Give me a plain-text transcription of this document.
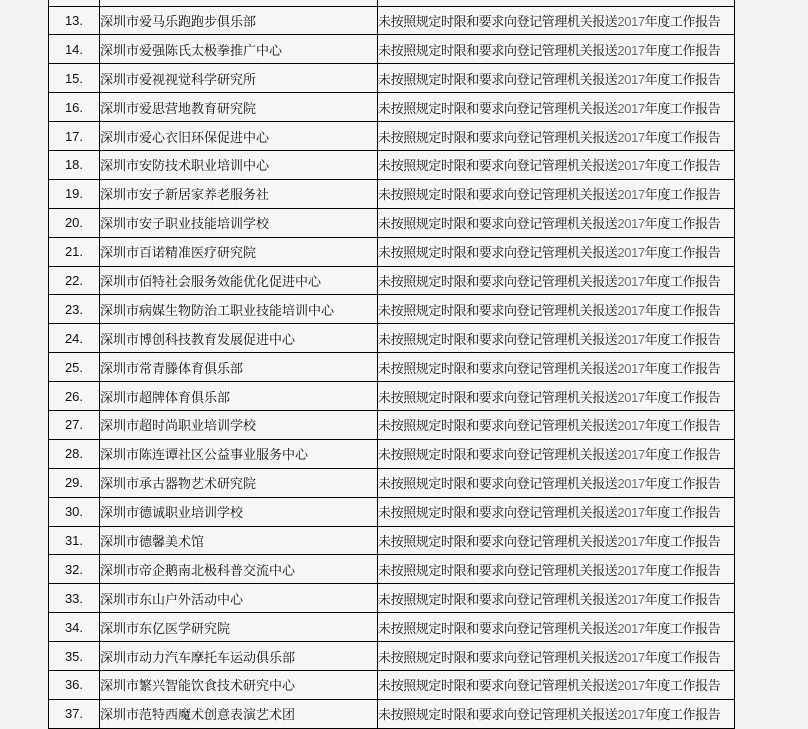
13.	深圳市爱马乐跑跑步俱乐部	未按照规定时限和要求向登记管理机关报送2017年度工作报告
14.	深圳市爱强陈氏太极拳推广中心	未按照规定时限和要求向登记管理机关报送2017年度工作报告
15.	深圳市爱视视觉科学研究所	未按照规定时限和要求向登记管理机关报送2017年度工作报告
16.	深圳市爱思营地教育研究院	未按照规定时限和要求向登记管理机关报送2017年度工作报告
17.	深圳市爱心衣旧环保促进中心	未按照规定时限和要求向登记管理机关报送2017年度工作报告
18.	深圳市安防技术职业培训中心	未按照规定时限和要求向登记管理机关报送2017年度工作报告
19.	深圳市安子新居家养老服务社	未按照规定时限和要求向登记管理机关报送2017年度工作报告
20.	深圳市安子职业技能培训学校	未按照规定时限和要求向登记管理机关报送2017年度工作报告
21.	深圳市百诺精准医疗研究院	未按照规定时限和要求向登记管理机关报送2017年度工作报告
22.	深圳市佰特社会服务效能优化促进中心	未按照规定时限和要求向登记管理机关报送2017年度工作报告
23.	深圳市病媒生物防治工职业技能培训中心	未按照规定时限和要求向登记管理机关报送2017年度工作报告
24.	深圳市博创科技教育发展促进中心	未按照规定时限和要求向登记管理机关报送2017年度工作报告
25.	深圳市常青滕体育俱乐部	未按照规定时限和要求向登记管理机关报送2017年度工作报告
26.	深圳市超牌体育俱乐部	未按照规定时限和要求向登记管理机关报送2017年度工作报告
27.	深圳市超时尚职业培训学校	未按照规定时限和要求向登记管理机关报送2017年度工作报告
28.	深圳市陈连谭社区公益事业服务中心	未按照规定时限和要求向登记管理机关报送2017年度工作报告
29.	深圳市承古器物艺术研究院	未按照规定时限和要求向登记管理机关报送2017年度工作报告
30.	深圳市德诚职业培训学校	未按照规定时限和要求向登记管理机关报送2017年度工作报告
31.	深圳市德馨美术馆	未按照规定时限和要求向登记管理机关报送2017年度工作报告
32.	深圳市帝企鹅南北极科普交流中心	未按照规定时限和要求向登记管理机关报送2017年度工作报告
33.	深圳市东山户外活动中心	未按照规定时限和要求向登记管理机关报送2017年度工作报告
34.	深圳市东亿医学研究院	未按照规定时限和要求向登记管理机关报送2017年度工作报告
35.	深圳市动力汽车摩托车运动俱乐部	未按照规定时限和要求向登记管理机关报送2017年度工作报告
36.	深圳市繁兴智能饮食技术研究中心	未按照规定时限和要求向登记管理机关报送2017年度工作报告
37.	深圳市范特西魔术创意表演艺术团	未按照规定时限和要求向登记管理机关报送2017年度工作报告
